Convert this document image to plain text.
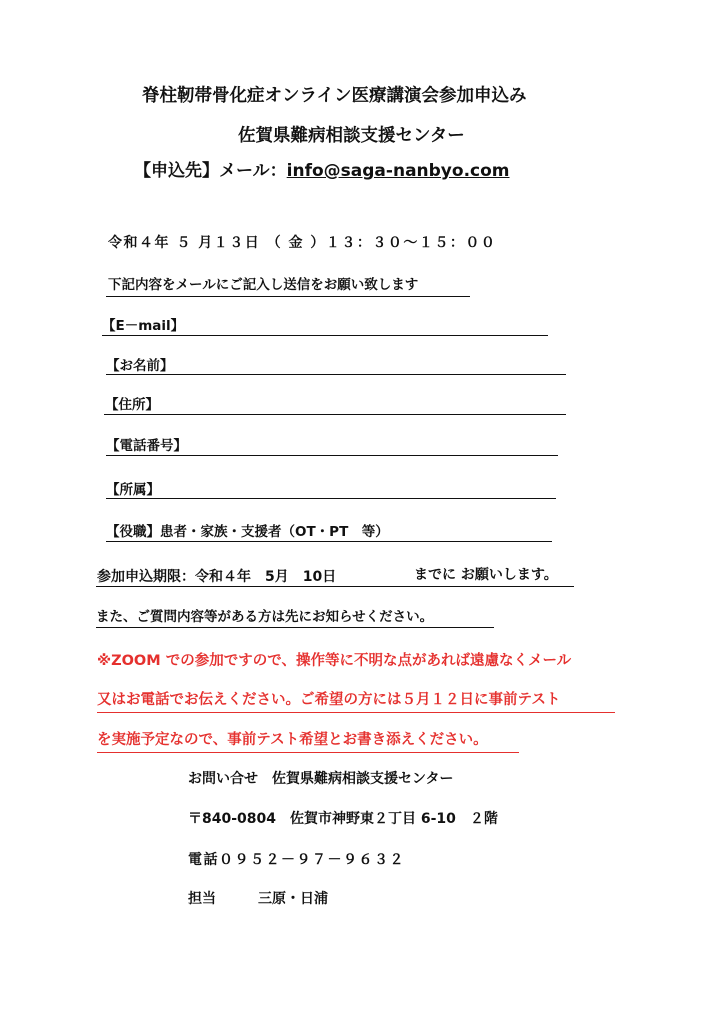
脊柱靭帯骨化症オンライン医療講演会参加申込み
佐賀県難病相談支援センター
【申込先】メール：info@saga-nanbyo.com
令和４年 ５ 月１３日 （ 金 ）１３：３０～１５：００
下記内容をメールにご記入し送信をお願い致します
【E－mail】
【お名前】
【住所】
【電話番号】
【所属】
【役職】患者・家族・支援者（OT・PT　等）
参加申込期限：令和４年　5月　10日	までに お願いします。
また、ご質問内容等がある方は先にお知らせください。
※ZOOM での参加ですので、操作等に不明な点があれば遠慮なくメール
又はお電話でお伝えください。ご希望の方には５月１２日に事前テスト
を実施予定なので、事前テスト希望とお書き添えください。
お問い合せ　佐賀県難病相談支援センター
〒840-0804　佐賀市神野東２丁目 6-10　２階
電話０９５２－９７－９６３２
担当　　　三原・日浦
